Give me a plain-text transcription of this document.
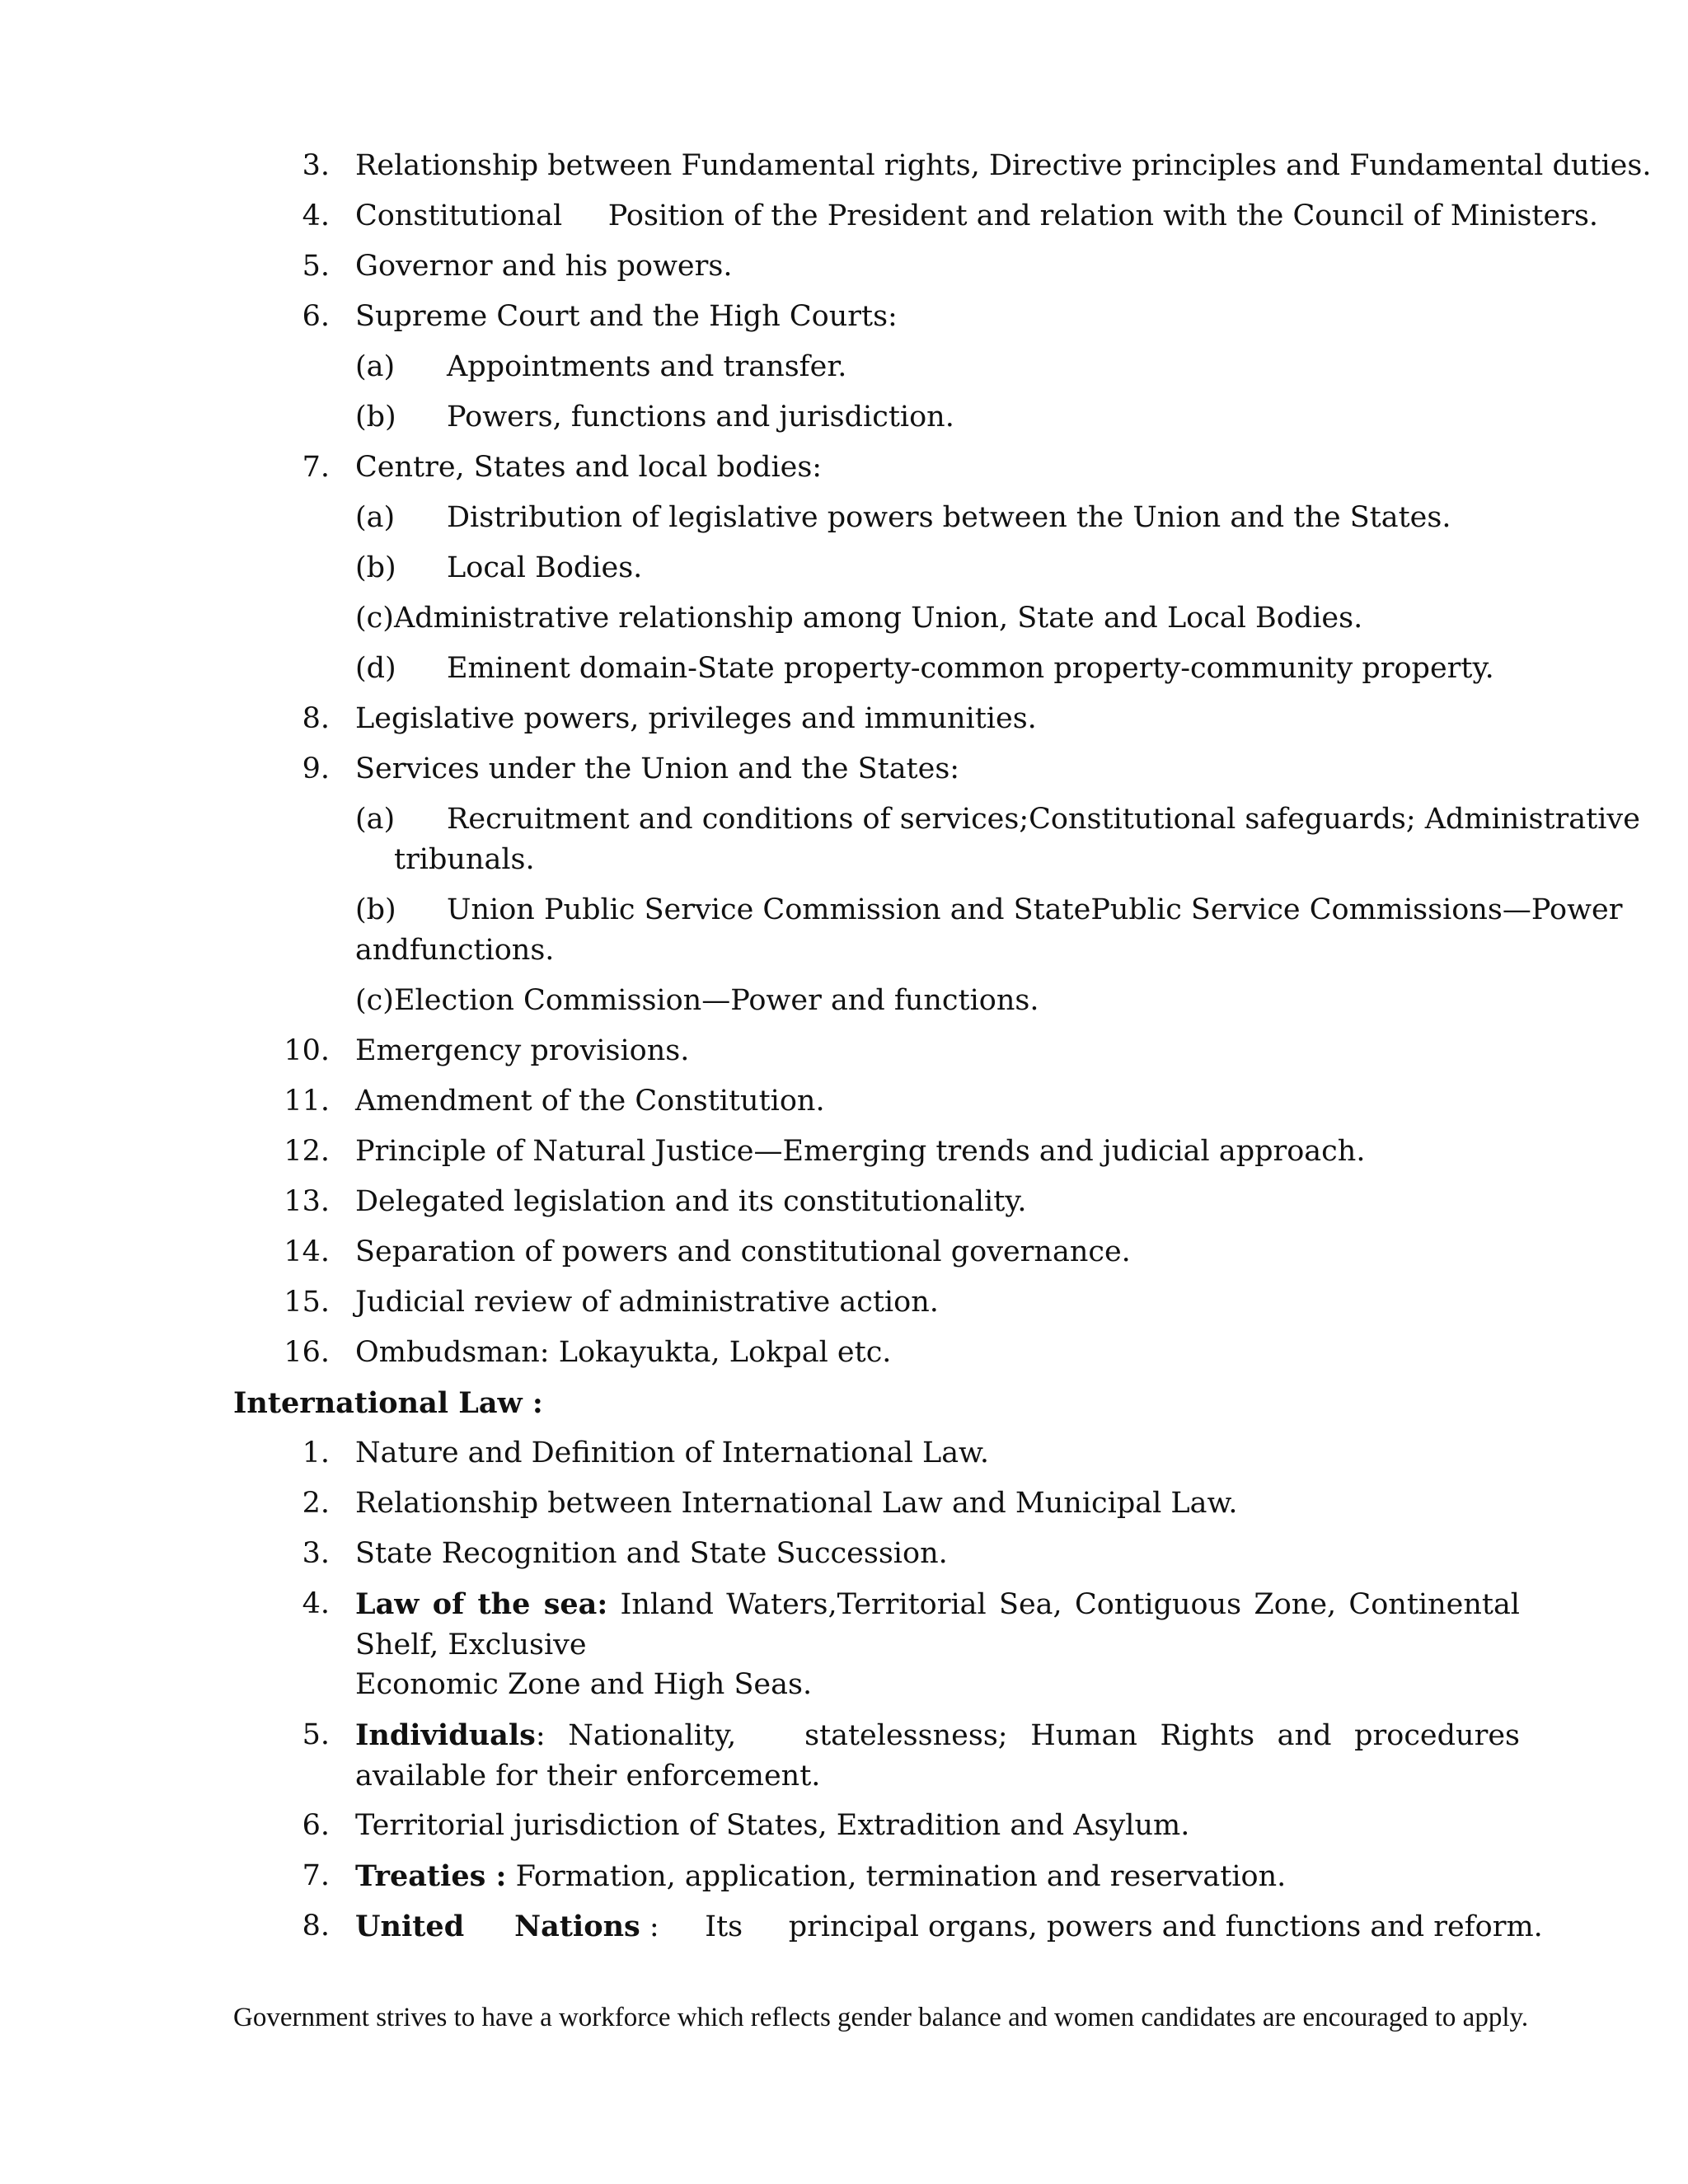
3. Relationship between Fundamental rights, Directive principles and Fundamental duties.
4. Constitutional     Position of the President and relation with the Council of Ministers.
5. Governor and his powers.
6. Supreme Court and the High Courts:
(a) Appointments and transfer.
(b) Powers, functions and jurisdiction.
7. Centre, States and local bodies:
(a) Distribution of legislative powers between the Union and the States.
(b) Local Bodies.
(c) Administrative relationship among Union, State and Local Bodies.
(d) Eminent domain-State property-common property-community property.
8. Legislative powers, privileges and immunities.
9. Services under the Union and the States:
(a) Recruitment and conditions of services;Constitutional safeguards; Administrative
tribunals.
(b) Union Public Service Commission and StatePublic Service Commissions—Power
andfunctions.
(c) Election Commission—Power and functions.
10. Emergency provisions.
11. Amendment of the Constitution.
12. Principle of Natural Justice—Emerging trends and judicial approach.
13. Delegated legislation and its constitutionality.
14. Separation of powers and constitutional governance.
15. Judicial review of administrative action.
16. Ombudsman: Lokayukta, Lokpal etc.
International Law :
1. Nature and Definition of International Law.
2. Relationship between International Law and Municipal Law.
3. State Recognition and State Succession.
4. Law of the sea: Inland Waters,Territorial Sea, Contiguous Zone, Continental Shelf, Exclusive
Economic Zone and High Seas.
5. Individuals: Nationality,   statelessness; Human Rights and procedures available for their enforcement.
6. Territorial jurisdiction of States, Extradition and Asylum.
7. Treaties : Formation, application, termination and reservation.
8. United     Nations :     Its     principal organs, powers and functions and reform.
Government strives to have a workforce which reflects gender balance and women candidates are encouraged to apply.
